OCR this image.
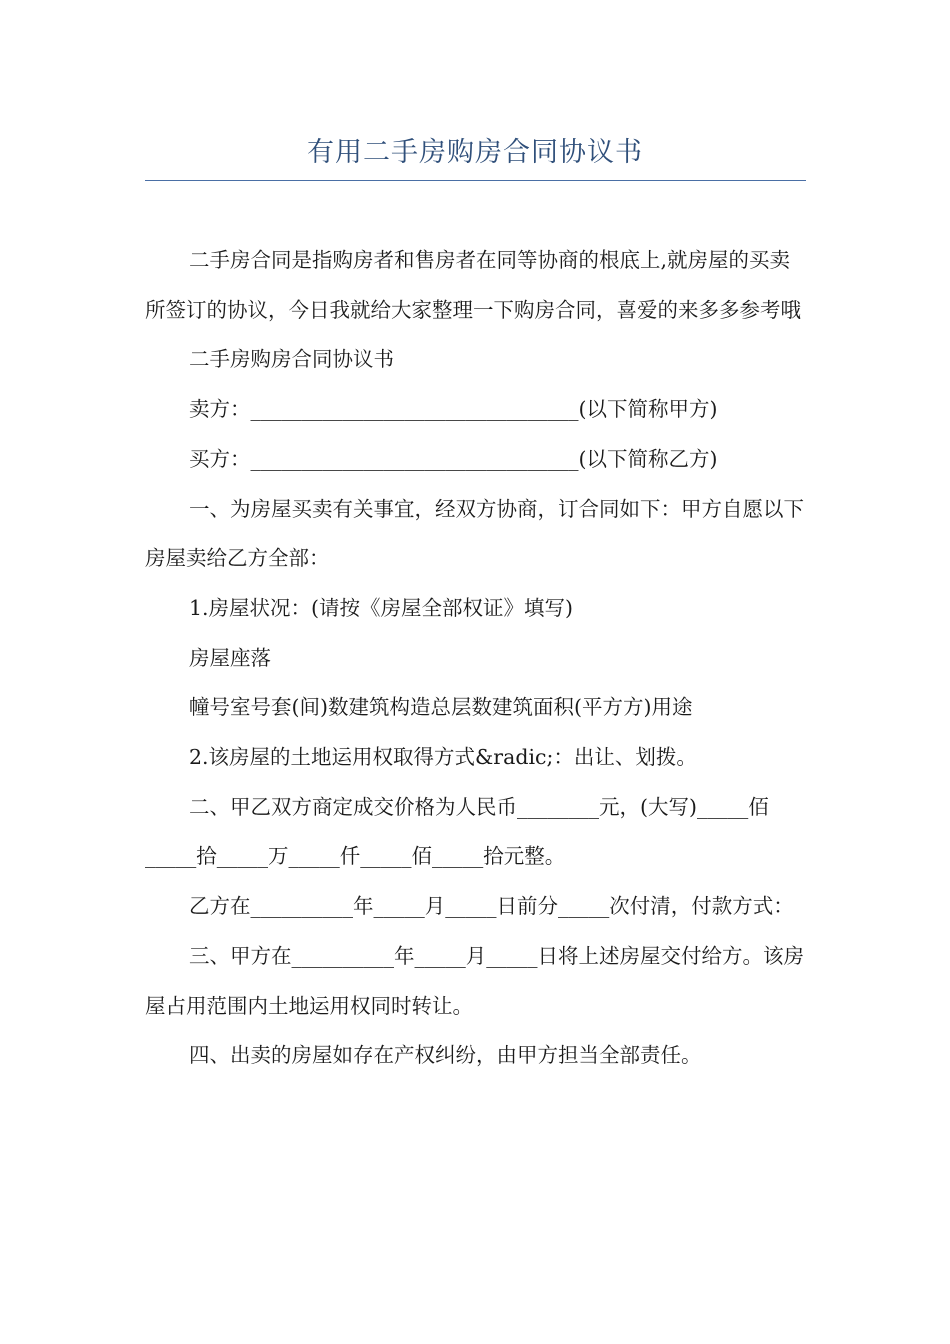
有用二手房购房合同协议书

二手房合同是指购房者和售房者在同等协商的根底上,就房屋的买卖所签订的协议，今日我就给大家整理一下购房合同，喜爱的来多多参考哦

二手房购房合同协议书

卖方：________________________________(以下简称甲方)

买方：________________________________(以下简称乙方)

一、为房屋买卖有关事宜，经双方协商，订合同如下：甲方自愿以下房屋卖给乙方全部：

1.房屋状况：(请按《房屋全部权证》填写)

房屋座落

幢号室号套(间)数建筑构造总层数建筑面积(平方方)用途

2.该房屋的土地运用权取得方式&radic;：出让、划拨。

二、甲乙双方商定成交价格为人民币________元，(大写)_____佰_____拾_____万_____仟_____佰_____拾元整。

乙方在__________年_____月_____日前分_____次付清，付款方式：

三、甲方在__________年_____月_____日将上述房屋交付给方。该房屋占用范围内土地运用权同时转让。

四、出卖的房屋如存在产权纠纷，由甲方担当全部责任。
